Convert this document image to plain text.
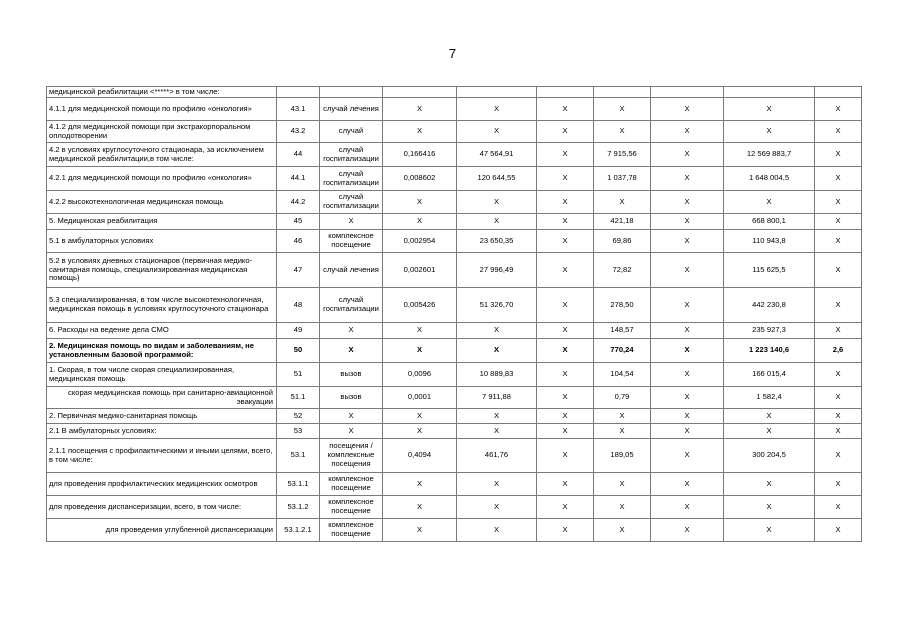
7
медицинской реабилитации <*****> в том числе:									
4.1.1 для медицинской помощи по профилю «онкология»	43.1	случай лечения	X	X	X	X	X	X	X
4.1.2 для медицинской помощи при экстракорпоральном оплодотворении	43.2	случай	X	X	X	X	X	X	X
4.2 в условиях круглосуточного стационара, за исключением медицинской реабилитации,в том числе:	44	случай госпитализации	0,166416	47 564,91	X	7 915,56	X	12 569 883,7	X
4.2.1 для медицинской помощи по профилю «онкология»	44.1	случай госпитализации	0,008602	120 644,55	X	1 037,78	X	1 648 004,5	X
4.2.2 высокотехнологичная медицинская помощь	44.2	случай госпитализации	X	X	X	X	X	X	X
5. Медицинская реабилитация	45	X	X	X	X	421,18	X	668 800,1	X
5.1 в амбулаторных условиях	46	комплексное посещение	0,002954	23 650,35	X	69,86	X	110 943,8	X
5.2 в условиях дневных стационаров (первичная медико-санитарная помощь, специализированная медицинская помощь)	47	случай лечения	0,002601	27 996,49	X	72,82	X	115 625,5	X
5.3 специализированная, в том числе высокотехнологичная, медицинская помощь в условиях круглосуточного стационара	48	случай госпитализации	0,005426	51 326,70	X	278,50	X	442 230,8	X
6. Расходы на ведение дела СМО	49	X	X	X	X	148,57	X	235 927,3	X
2. Медицинская помощь по видам и заболеваниям, не установленным базовой программой:	50	X	X	X	X	770,24	X	1 223 140,6	2,6
1. Скорая, в том числе скорая специализированная, медицинская помощь	51	вызов	0,0096	10 889,83	X	104,54	X	166 015,4	X
скорая медицинская помощь при санитарно-авиационной эвакуации	51.1	вызов	0,0001	7 911,88	X	0,79	X	1 582,4	X
2. Первичная медико-санитарная помощь	52	X	X	X	X	X	X	X	X
2.1 В амбулаторных условиях:	53	X	X	X	X	X	X	X	X
2.1.1 посещения с профилактическими и иными целями, всего, в том числе:	53.1	посещения / комплексные посещения	0,4094	461,76	X	189,05	X	300 204,5	X
для проведения профилактических медицинских осмотров	53.1.1	комплексное посещение	X	X	X	X	X	X	X
для проведения диспансеризации, всего, в том числе:	53.1.2	комплексное посещение	X	X	X	X	X	X	X
для проведения углубленной диспансеризации	53.1.2.1	комплексное посещение	X	X	X	X	X	X	X
